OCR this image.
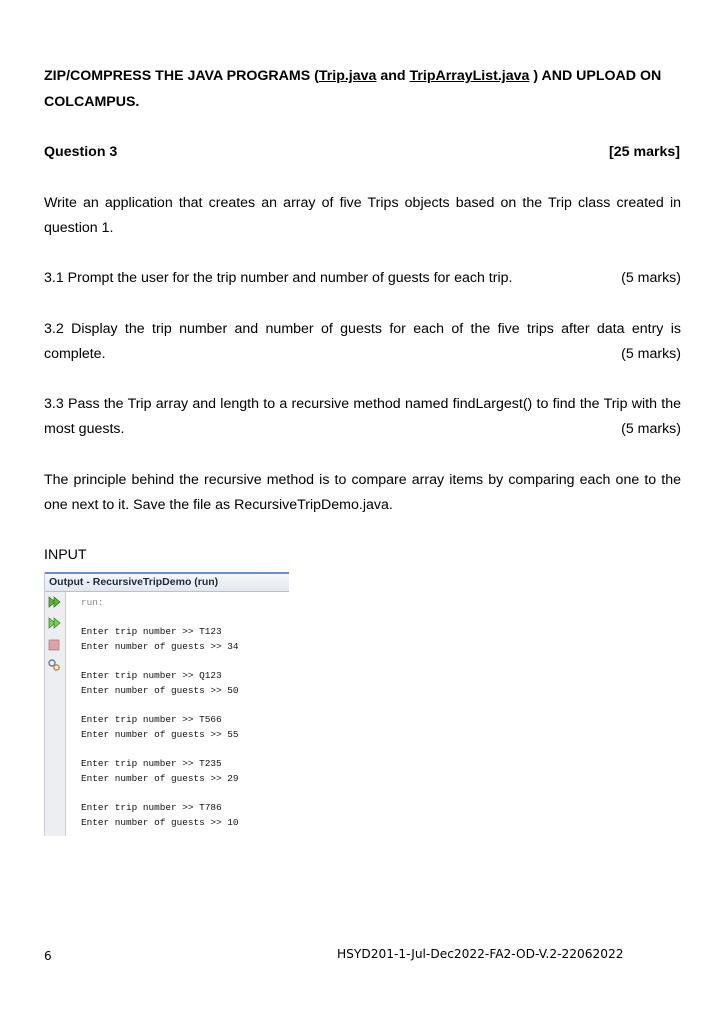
ZIP/COMPRESS THE JAVA PROGRAMS (Trip.java and TripArrayList.java ) AND UPLOAD ON
COLCAMPUS.
Question 3	[25 marks]
Write an application that creates an array of five Trips objects based on the Trip class created in question 1.
3.1 Prompt the user for the trip number and number of guests for each trip.	(5 marks)
3.2 Display the trip number and number of guests for each of the five trips after data entry is complete.	(5 marks)
3.3 Pass the Trip array and length to a recursive method named findLargest() to find the Trip with the most guests.	(5 marks)
The principle behind the recursive method is to compare array items by comparing each one to the one next to it. Save the file as RecursiveTripDemo.java.
INPUT
Output - RecursiveTripDemo (run)
run:
Enter trip number >> T123
Enter number of guests >> 34
Enter trip number >> Q123
Enter number of guests >> 50
Enter trip number >> T566
Enter number of guests >> 55
Enter trip number >> T235
Enter number of guests >> 29
Enter trip number >> T786
Enter number of guests >> 10
6	HSYD201-1-Jul-Dec2022-FA2-OD-V.2-22062022
